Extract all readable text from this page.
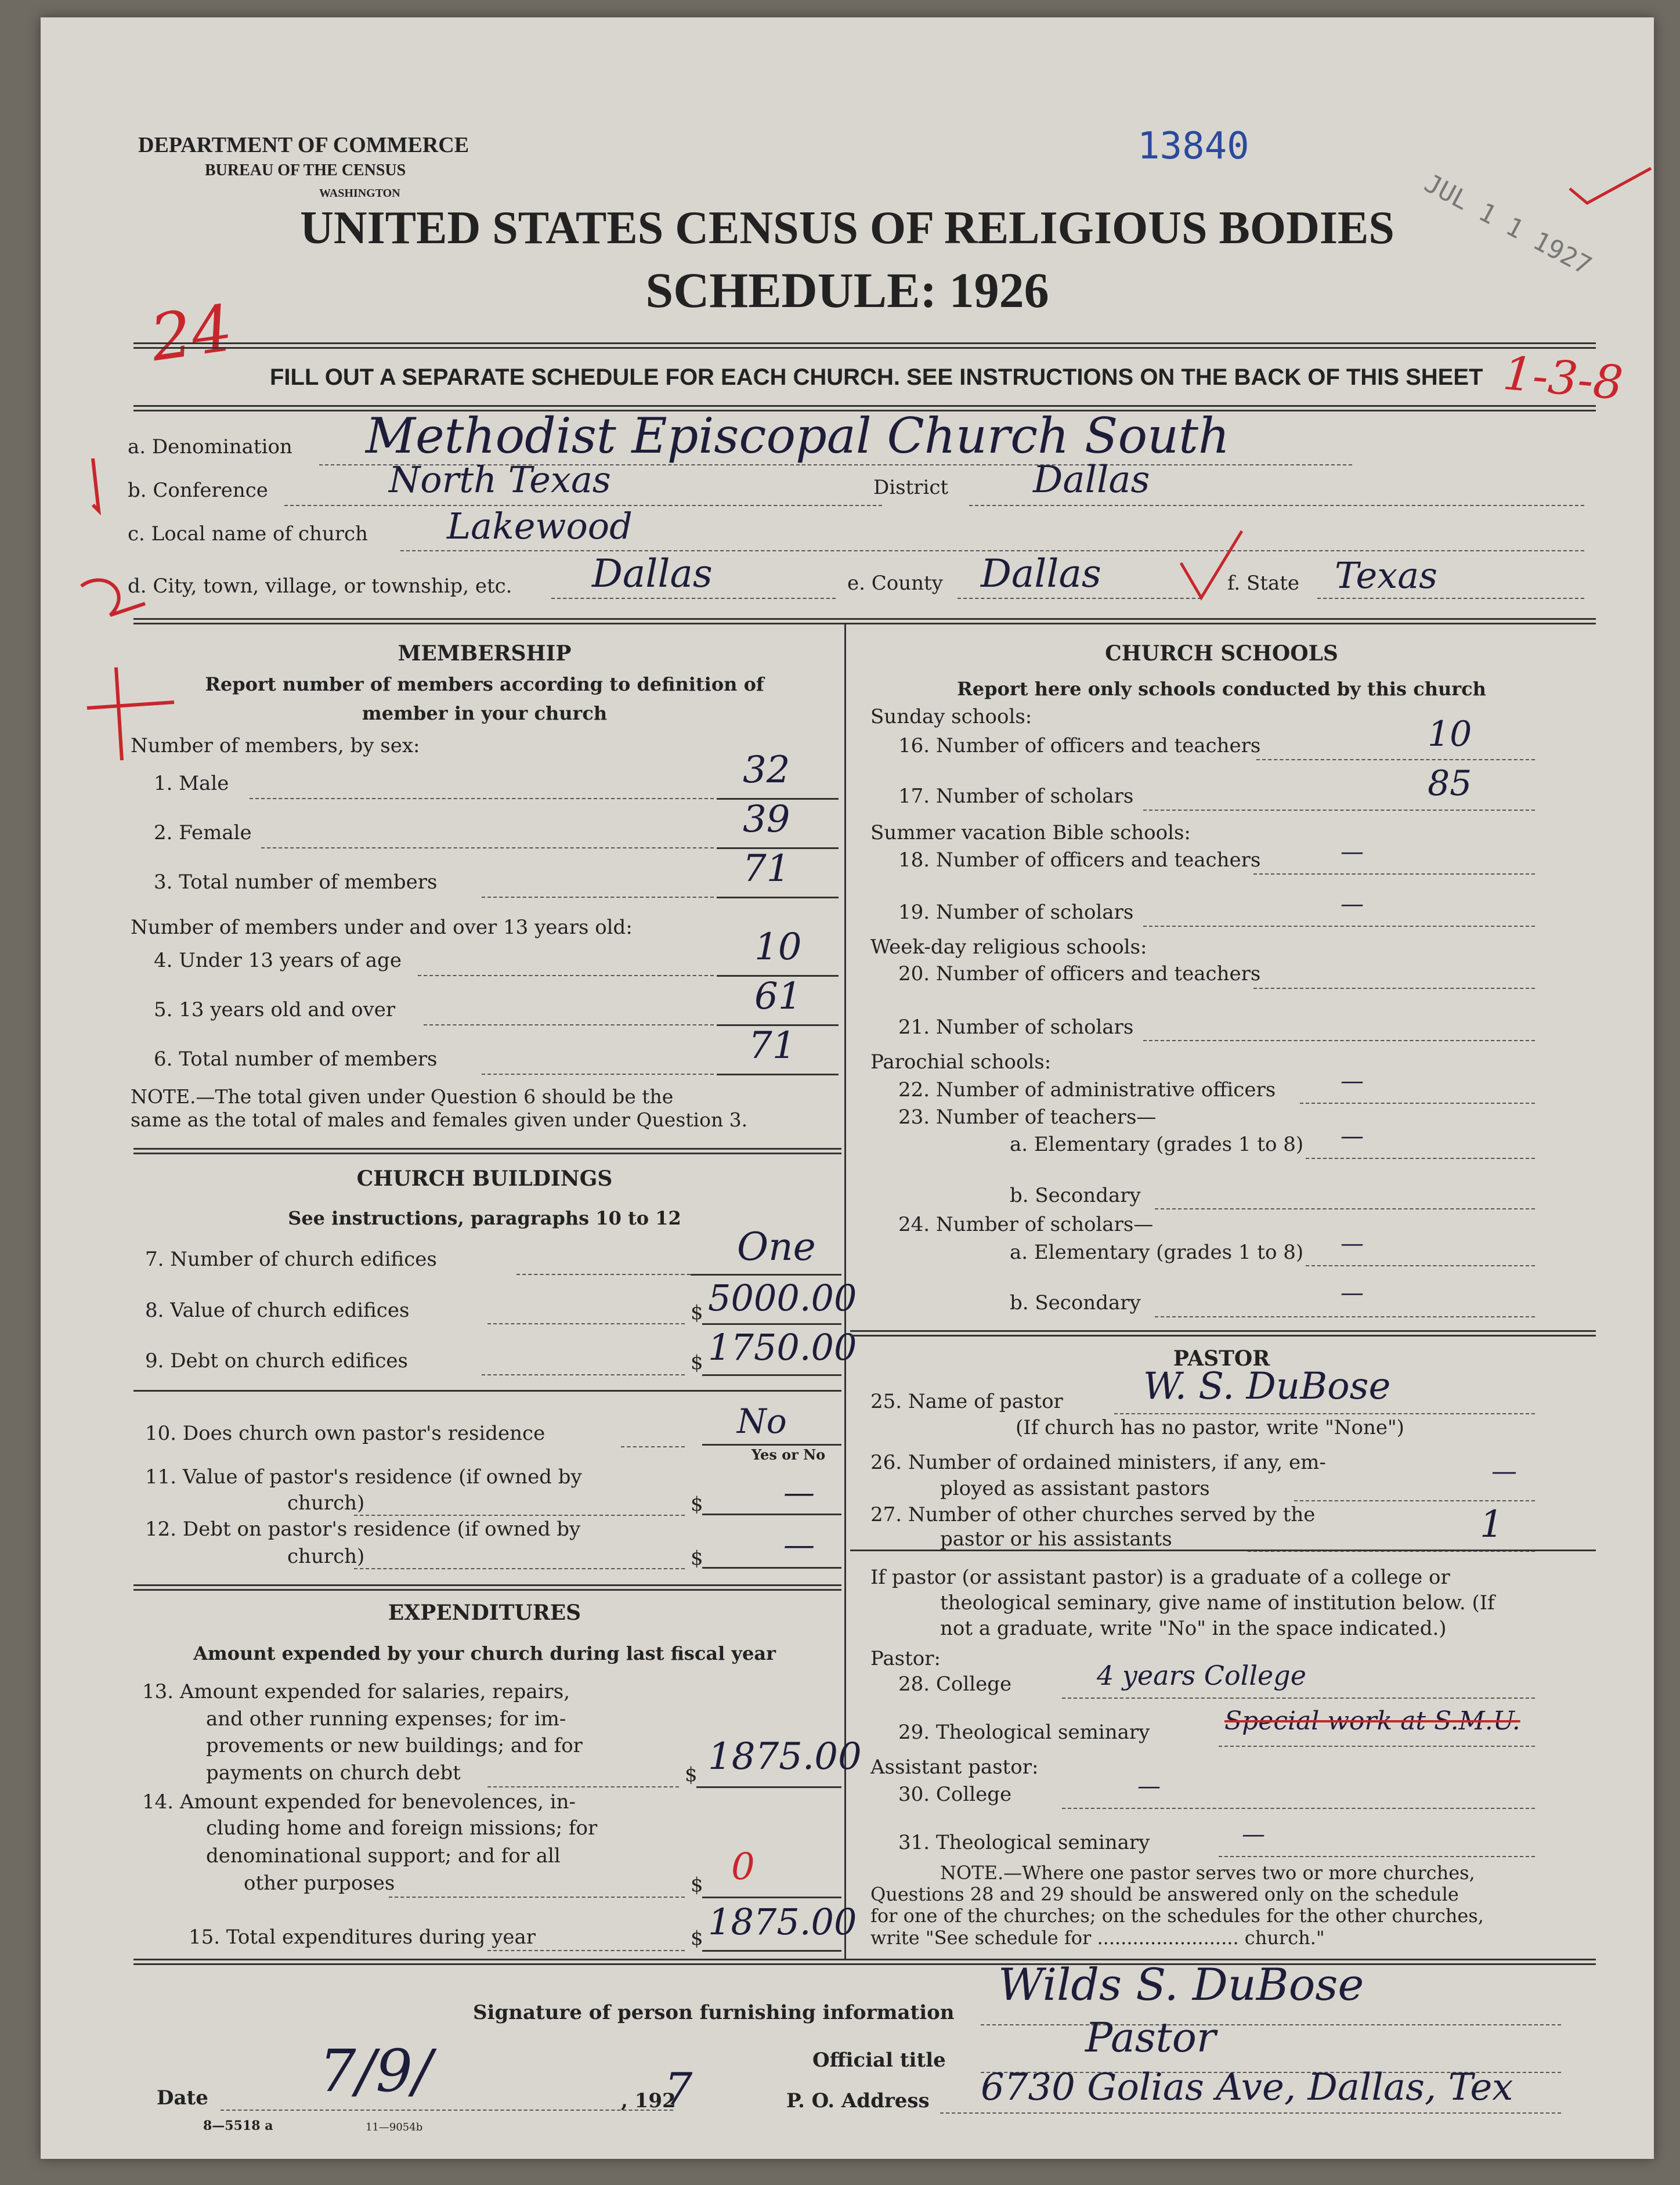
DEPARTMENT OF COMMERCE
BUREAU OF THE CENSUS
WASHINGTON
13840
JUL 1 1 1927
UNITED STATES CENSUS OF RELIGIOUS BODIES
SCHEDULE: 1926
24
FILL OUT A SEPARATE SCHEDULE FOR EACH CHURCH. SEE INSTRUCTIONS ON THE BACK OF THIS SHEET 1-3-8
a. Denomination Methodist Episcopal Church South
b. Conference	North Texas	District Dallas
c. Local name of church Lakewood
d. City, town, village, or township, etc. Dallas	e. County Dallas	f. State Texas
MEMBERSHIP
Report number of members according to definition of
member in your church
Number of members, by sex:
1. Male	32
2. Female	39
3. Total number of members	71
Number of members under and over 13 years old:
4. Under 13 years of age	10
5. 13 years old and over	61
6. Total number of members	71
NOTE.—The total given under Question 6 should be the
same as the total of males and females given under Question 3.
CHURCH BUILDINGS
See instructions, paragraphs 10 to 12
7. Number of church edifices	One
8. Value of church edifices	$ 5000.00
9. Debt on church edifices	$ 1750.00
10. Does church own pastor's residence	No
Yes or No
11. Value of pastor's residence (if owned by
church)	$	—
12. Debt on pastor's residence (if owned by
church)	$	—
EXPENDITURES
Amount expended by your church during last fiscal year
13. Amount expended for salaries, repairs,
and other running expenses; for im-
provements or new buildings; and for
payments on church debt	$ 1875.00
14. Amount expended for benevolences, in-
cluding home and foreign missions; for
denominational support; and for all
other purposes	$ 0
15. Total expenditures during year	$ 1875.00
CHURCH SCHOOLS
Report here only schools conducted by this church
Sunday schools:
16. Number of officers and teachers	10
17. Number of scholars	85
Summer vacation Bible schools:
18. Number of officers and teachers	—
19. Number of scholars	—
Week-day religious schools:
20. Number of officers and teachers
21. Number of scholars
Parochial schools:
22. Number of administrative officers	—
23. Number of teachers—
a. Elementary (grades 1 to 8) —
b. Secondary
24. Number of scholars—
a. Elementary (grades 1 to 8) —
b. Secondary	—
PASTOR
25. Name of pastor W. S. DuBose
(If church has no pastor, write "None")
26. Number of ordained ministers, if any, em-
ployed as assistant pastors
—
27. Number of other churches served by the
pastor or his assistants	1
If pastor (or assistant pastor) is a graduate of a college or
theological seminary, give name of institution below. (If
not a graduate, write "No" in the space indicated.)
Pastor:
28. College	4 years College
29. Theological seminary	Special work at S.M.U.
Assistant pastor:
30. College	—
31. Theological seminary	—
NOTE.—Where one pastor serves two or more churches,
Questions 28 and 29 should be answered only on the schedule
for one of the churches; on the schedules for the other churches,
write "See schedule for ........................ church."
Signature of person furnishing information
Wilds S. DuBose
Official title	Pastor
Date 7/9/	, 192
7	P. O. Address 6730 Golias Ave, Dallas, Tex
8—5518 a	11—9054b
